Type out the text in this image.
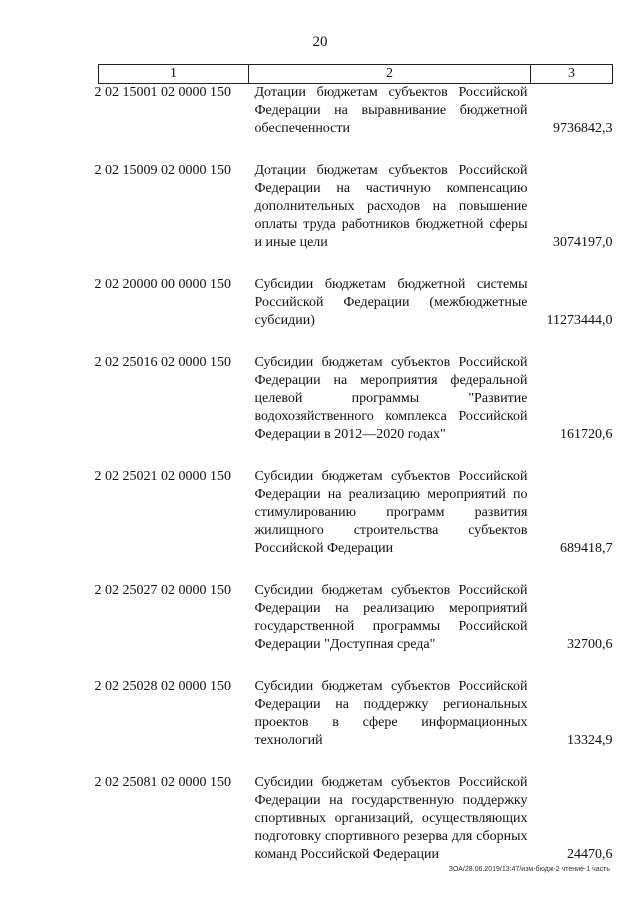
20
1	2	3
2 02 15001 02 0000 150	Дотации бюджетам субъектов Российской Федерации на выравнивание бюджетной обеспеченности	9736842,3

2 02 15009 02 0000 150	Дотации бюджетам субъектов Российской Федерации на частичную компенсацию дополнительных расходов на повышение оплаты труда работников бюджетной сферы и иные цели	3074197,0

2 02 20000 00 0000 150	Субсидии бюджетам бюджетной системы Российской Федерации (межбюджетные субсидии)	11273444,0

2 02 25016 02 0000 150	Субсидии бюджетам субъектов Российской Федерации на мероприятия федеральной целевой программы "Развитие водохозяйственного комплекса Российской Федерации в 2012—2020 годах"	161720,6

2 02 25021 02 0000 150	Субсидии бюджетам субъектов Российской Федерации на реализацию мероприятий по стимулированию программ развития жилищного строительства субъектов Российской Федерации	689418,7

2 02 25027 02 0000 150	Субсидии бюджетам субъектов Российской Федерации на реализацию мероприятий государственной программы Российской Федерации "Доступная среда"	32700,6

2 02 25028 02 0000 150	Субсидии бюджетам субъектов Российской Федерации на поддержку региональных проектов в сфере информационных технологий	13324,9

2 02 25081 02 0000 150	Субсидии бюджетам субъектов Российской Федерации на государственную поддержку спортивных организаций, осуществляющих подготовку спортивного резерва для сборных команд Российской Федерации	24470,6
ЗОА/28.06.2019/13:47/изм-бюдж-2 чтение-1 часть
